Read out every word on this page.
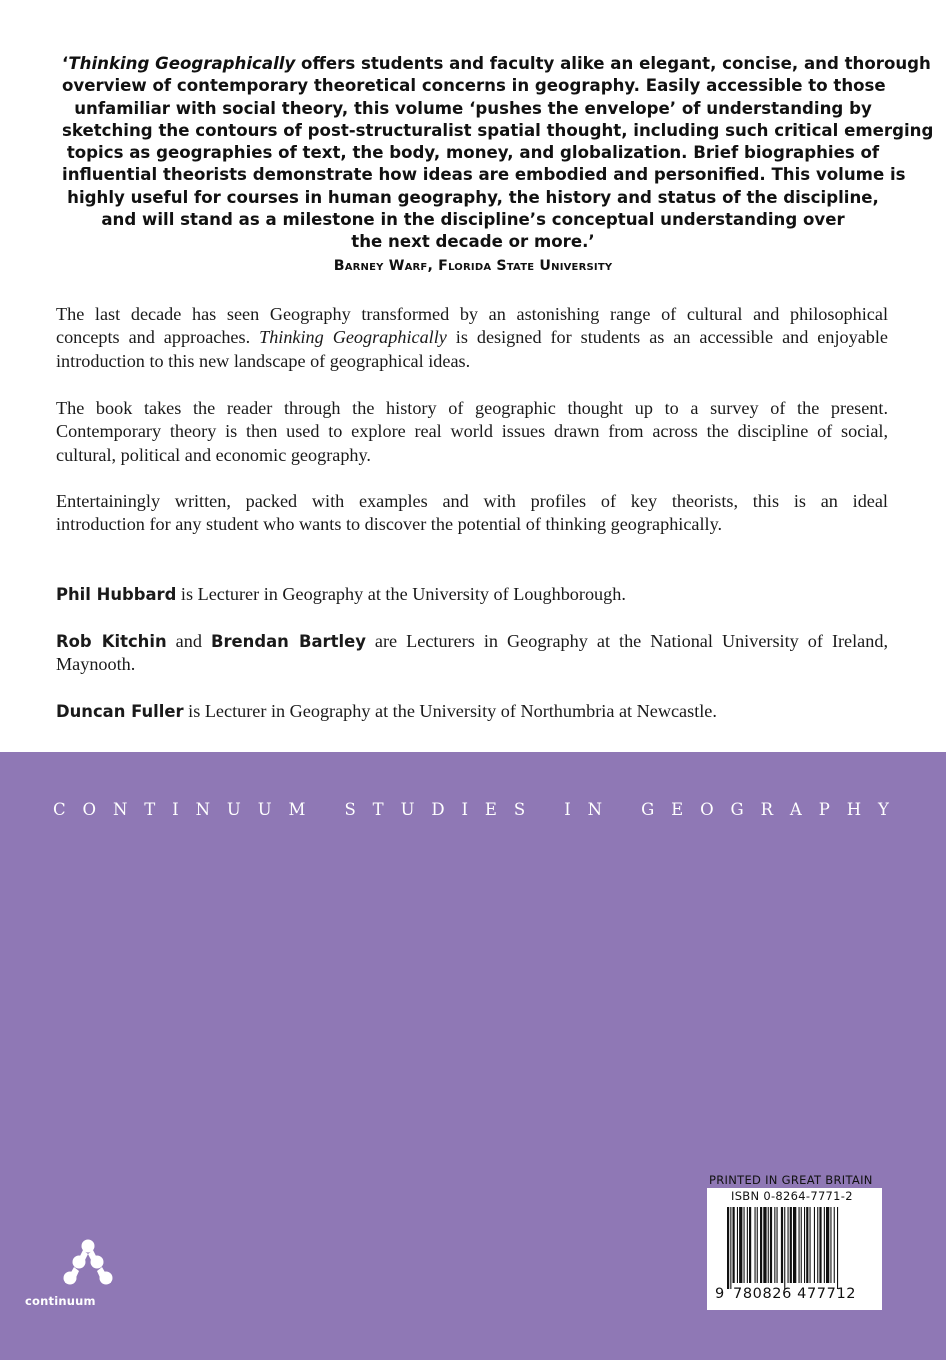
‘Thinking Geographically offers students and faculty alike an elegant, concise, and thorough
overview of contemporary theoretical concerns in geography. Easily accessible to those
unfamiliar with social theory, this volume ‘pushes the envelope’ of understanding by
sketching the contours of post-structuralist spatial thought, including such critical emerging
topics as geographies of text, the body, money, and globalization. Brief biographies of
influential theorists demonstrate how ideas are embodied and personified. This volume is
highly useful for courses in human geography, the history and status of the discipline,
and will stand as a milestone in the discipline’s conceptual understanding over
the next decade or more.’
Barney Warf, Florida State University
The last decade has seen Geography transformed by an astonishing range of cultural and philosophical
concepts and approaches. Thinking Geographically is designed for students as an accessible and enjoyable
introduction to this new landscape of geographical ideas.
The book takes the reader through the history of geographic thought up to a survey of the present.
Contemporary theory is then used to explore real world issues drawn from across the discipline of social,
cultural, political and economic geography.
Entertainingly written, packed with examples and with profiles of key theorists, this is an ideal
introduction for any student who wants to discover the potential of thinking geographically.
Phil Hubbard is Lecturer in Geography at the University of Loughborough.
Rob Kitchin and Brendan Bartley are Lecturers in Geography at the National University of Ireland,
Maynooth.
Duncan Fuller is Lecturer in Geography at the University of Northumbria at Newcastle.
C O N T I N U U M
S T U D I E S
I N
G E O G R A P H Y
continuum
PRINTED IN GREAT BRITAIN
ISBN 0-8264-7771-2
9 780826 477712
